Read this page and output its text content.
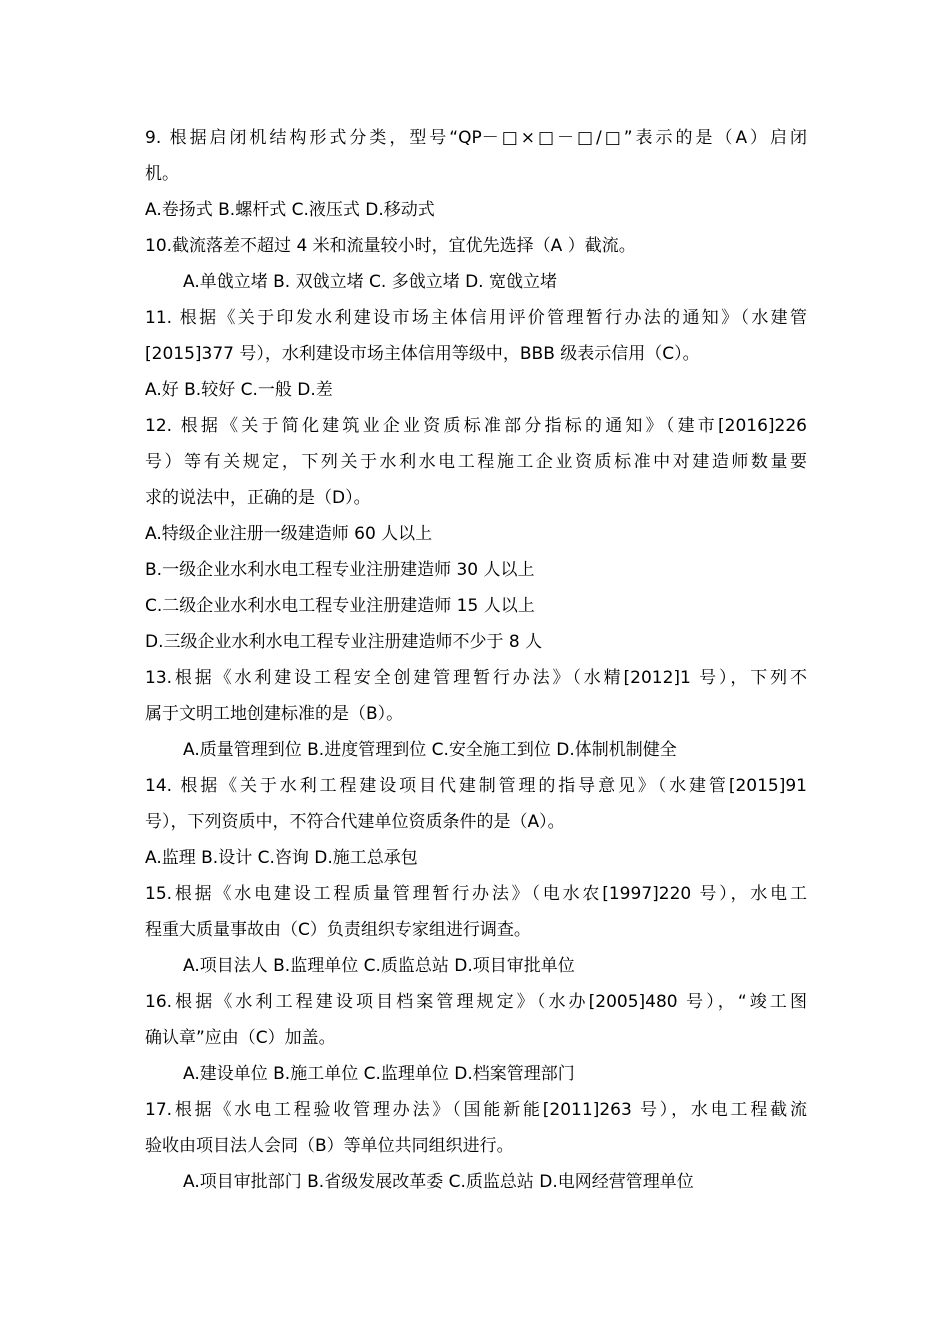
9. 根据启闭机结构形式分类，型号“QP－□×□－□/□”表示的是（A）启闭
机。
A.卷扬式 B.螺杆式 C.液压式 D.移动式
10.截流落差不超过 4 米和流量较小时，宜优先选择（A ）截流。
A.单戗立堵 B. 双戗立堵 C. 多戗立堵 D. 宽戗立堵
11. 根据《关于印发水利建设市场主体信用评价管理暂行办法的通知》（水建管
[2015]377 号），水利建设市场主体信用等级中，BBB 级表示信用（C）。
A.好 B.较好 C.一般 D.差
12. 根据《关于简化建筑业企业资质标准部分指标的通知》（建市[2016]226
号）等有关规定，下列关于水利水电工程施工企业资质标准中对建造师数量要
求的说法中，正确的是（D）。
A.特级企业注册一级建造师 60 人以上
B.一级企业水利水电工程专业注册建造师 30 人以上
C.二级企业水利水电工程专业注册建造师 15 人以上
D.三级企业水利水电工程专业注册建造师不少于 8 人
13.根据《水利建设工程安全创建管理暂行办法》（水精[2012]1 号），下列不
属于文明工地创建标准的是（B）。
A.质量管理到位 B.进度管理到位 C.安全施工到位 D.体制机制健全
14. 根据《关于水利工程建设项目代建制管理的指导意见》（水建管[2015]91
号），下列资质中，不符合代建单位资质条件的是（A）。
A.监理 B.设计 C.咨询 D.施工总承包
15.根据《水电建设工程质量管理暂行办法》（电水农[1997]220 号），水电工
程重大质量事故由（C）负责组织专家组进行调查。
A.项目法人 B.监理单位 C.质监总站 D.项目审批单位
16.根据《水利工程建设项目档案管理规定》（水办[2005]480 号），“竣工图
确认章”应由（C）加盖。
A.建设单位 B.施工单位 C.监理单位 D.档案管理部门
17.根据《水电工程验收管理办法》（国能新能[2011]263 号），水电工程截流
验收由项目法人会同（B）等单位共同组织进行。
A.项目审批部门 B.省级发展改革委 C.质监总站 D.电网经营管理单位
